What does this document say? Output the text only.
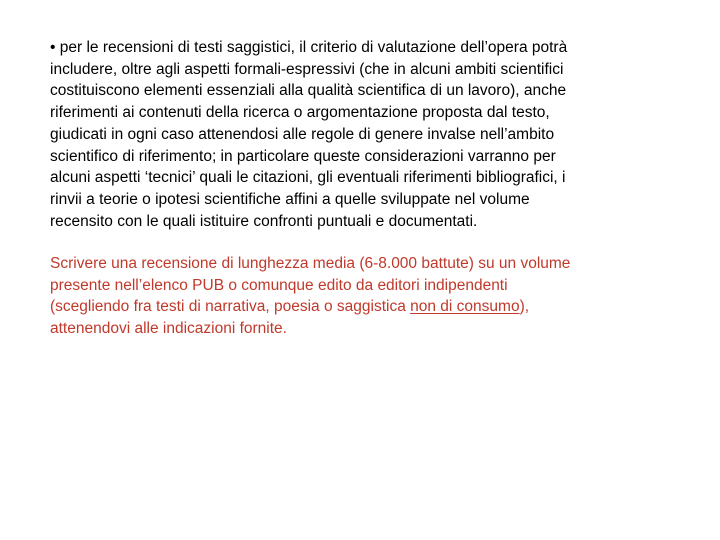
• per le recensioni di testi saggistici, il criterio di valutazione dell’opera potrà
includere, oltre agli aspetti formali-espressivi (che in alcuni ambiti scientifici
costituiscono elementi essenziali alla qualità scientifica di un lavoro), anche
riferimenti ai contenuti della ricerca o argomentazione proposta dal testo,
giudicati in ogni caso attenendosi alle regole di genere invalse nell’ambito
scientifico di riferimento; in particolare queste considerazioni varranno per
alcuni aspetti ‘tecnici’ quali le citazioni, gli eventuali riferimenti bibliografici, i
rinvii a teorie o ipotesi scientifiche affini a quelle sviluppate nel volume
recensito con le quali istituire confronti puntuali e documentati.
Scrivere una recensione di lunghezza media (6-8.000 battute) su un volume
presente nell’elenco PUB o comunque edito da editori indipendenti
(scegliendo fra testi di narrativa, poesia o saggistica non di consumo),
attenendovi alle indicazioni fornite.
